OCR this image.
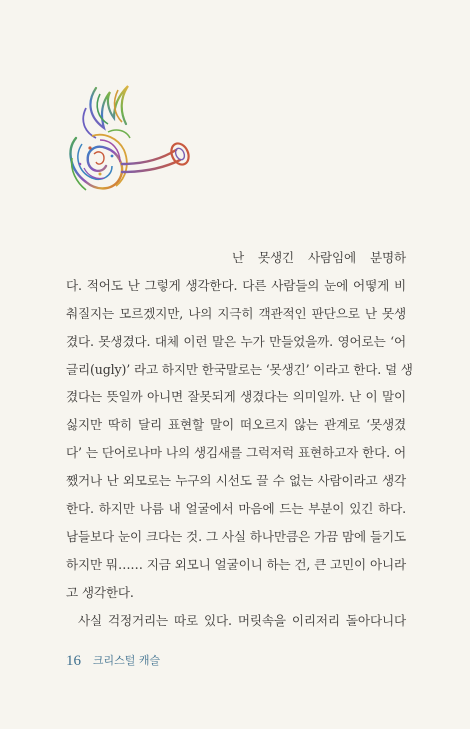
난 못생긴 사람임에 분명하
다. 적어도 난 그렇게 생각한다. 다른 사람들의 눈에 어떻게 비
춰질지는 모르겠지만, 나의 지극히 객관적인 판단으로 난 못생
겼다. 못생겼다. 대체 이런 말은 누가 만들었을까. 영어로는 ‘어
글리(ugly)’ 라고 하지만 한국말로는 ‘못생긴’ 이라고 한다. 덜 생
겼다는 뜻일까 아니면 잘못되게 생겼다는 의미일까. 난 이 말이
싫지만 딱히 달리 표현할 말이 떠오르지 않는 관계로 ‘못생겼
다’ 는 단어로나마 나의 생김새를 그럭저럭 표현하고자 한다. 어
쨌거나 난 외모로는 누구의 시선도 끌 수 없는 사람이라고 생각
한다. 하지만 나름 내 얼굴에서 마음에 드는 부분이 있긴 하다.
남들보다 눈이 크다는 것. 그 사실 하나만큼은 가끔 맘에 들기도
하지만 뭐…… 지금 외모니 얼굴이니 하는 건, 큰 고민이 아니라
고 생각한다.
사실 걱정거리는 따로 있다. 머릿속을 이리저리 돌아다니다
16 크리스털 캐슬
